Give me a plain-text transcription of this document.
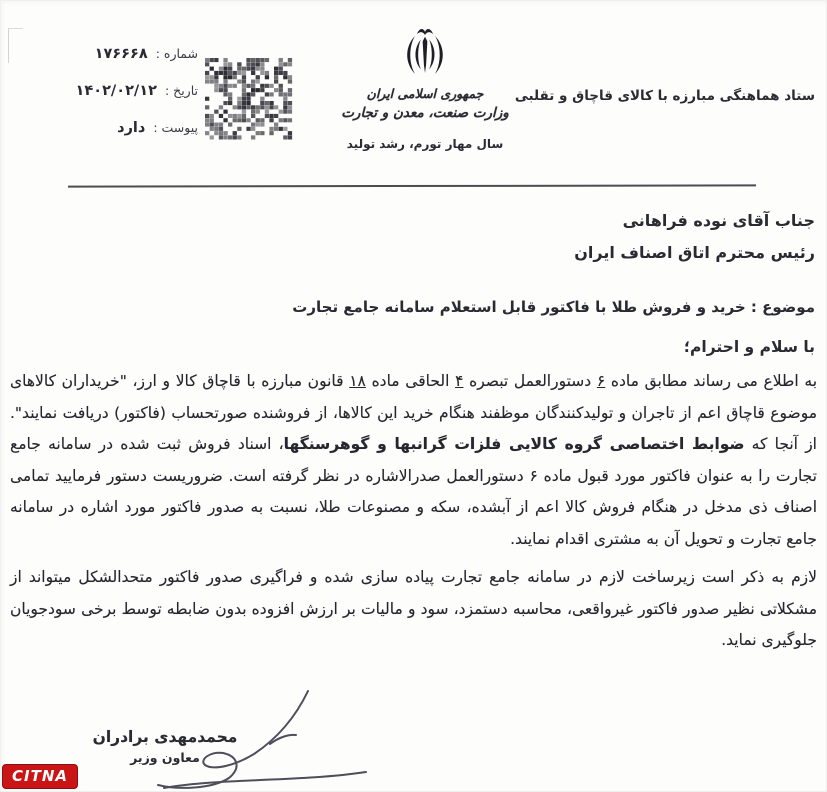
شماره :
۱۷۶۶۶۸
تاریخ :
۱۴۰۲/۰۲/۱۲
پیوست :
دارد
جمهوری اسلامی ایران
وزارت صنعت، معدن و تجارت
سال مهار تورم، رشد تولید
ستاد هماهنگی مبارزه با کالای قاچاق و تقلبی
جناب آقای نوده فراهانی
رئیس محترم اتاق اصناف ایران
موضوع : خرید و فروش طلا با فاکتور قابل استعلام سامانه جامع تجارت
با سلام و احترام؛

به اطلاع می رساند مطابق ماده ۶ دستورالعمل تبصره ۴ الحاقی ماده ۱۸ قانون مبارزه با قاچاق کالا و ارز، "خریداران کالاهای موضوع قاچاق اعم از تاجران و تولیدکنندگان موظفند هنگام خرید این کالاها، از فروشنده صورتحساب (فاکتور) دریافت نمایند". از آنجا که ضوابط اختصاصی گروه کالایی فلزات گرانبها و گوهرسنگها، اسناد فروش ثبت شده در سامانه جامع تجارت را به عنوان فاکتور مورد قبول ماده ۶ دستورالعمل صدرالاشاره در نظر گرفته است. ضروریست دستور فرمایید تمامی اصناف ذی مدخل در هنگام فروش کالا اعم از آبشده، سکه و مصنوعات طلا، نسبت به صدور فاکتور مورد اشاره در سامانه جامع تجارت و تحویل آن به مشتری اقدام نمایند.

لازم به ذکر است زیرساخت لازم در سامانه جامع تجارت پیاده سازی شده و فراگیری صدور فاکتور متحدالشکل میتواند از مشکلاتی نظیر صدور فاکتور غیرواقعی، محاسبه دستمزد، سود و مالیات بر ارزش افزوده بدون ضابطه توسط برخی سودجویان جلوگیری نماید.

محمدمهدی برادران
معاون وزیر
CITNA
